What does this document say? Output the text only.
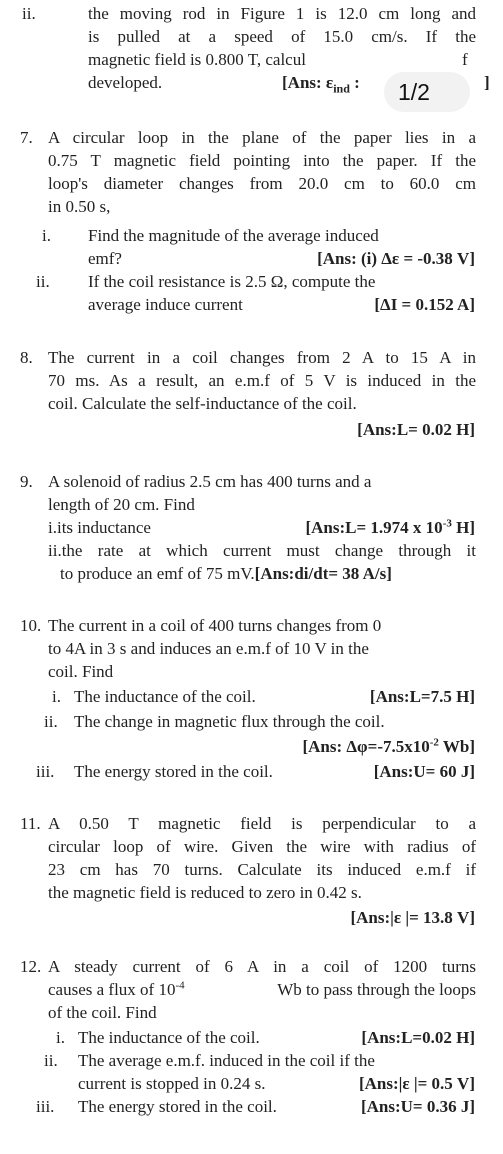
ii.	the moving rod in Figure 1 is 12.0 cm long and
is pulled at a speed of 15.0 cm/s. If the
magnetic field is 0.800 T, calcul	f
developed.	[Ans: $\varepsilon_{ind}$ :	]
1/2
7. A circular loop in the plane of the paper lies in a
0.75 T magnetic field pointing into the paper. If the
loop's diameter changes from 20.0 cm to 60.0 cm
in 0.50 s,
i. Find the magnitude of the average induced
emf?	[Ans: (i) Δε = -0.38 V]
ii. If the coil resistance is 2.5 Ω, compute the
average induce current	[ΔI = 0.152 A]
8. The current in a coil changes from 2 A to 15 A in
70 ms. As a result, an e.m.f of 5 V is induced in the
coil. Calculate the self-inductance of the coil.
[Ans:L= 0.02 H]
9. A solenoid of radius 2.5 cm has 400 turns and a
length of 20 cm. Find
i.its inductance	[Ans:L= 1.974 x $10^{-3}$ H]
ii.the rate at which current must change through it
to produce an emf of 75 mV.[Ans:di/dt= 38 A/s]
10. The current in a coil of 400 turns changes from 0
to 4A in 3 s and induces an e.m.f of 10 V in the
coil. Find
i. The inductance of the coil.	[Ans:L=7.5 H]
ii. The change in magnetic flux through the coil.
[Ans: $\Delta\varphi=-7.5x10^{-2}$ Wb]
iii. The energy stored in the coil.	[Ans:U= 60 J]
11. A 0.50 T magnetic field is perpendicular to a
circular loop of wire. Given the wire with radius of
23 cm has 70 turns. Calculate its induced e.m.f if
the magnetic field is reduced to zero in 0.42 s.
[Ans:|ε |= 13.8 V]
12. A steady current of 6 A in a coil of 1200 turns
causes a flux of $10^{-4}$	Wb to pass through the loops
of the coil. Find
i. The inductance of the coil.	[Ans:L=0.02 H]
ii. The average e.m.f. induced in the coil if the
current is stopped in 0.24 s.	[Ans:|ε |= 0.5 V]
iii. The energy stored in the coil.	[Ans:U= 0.36 J]
